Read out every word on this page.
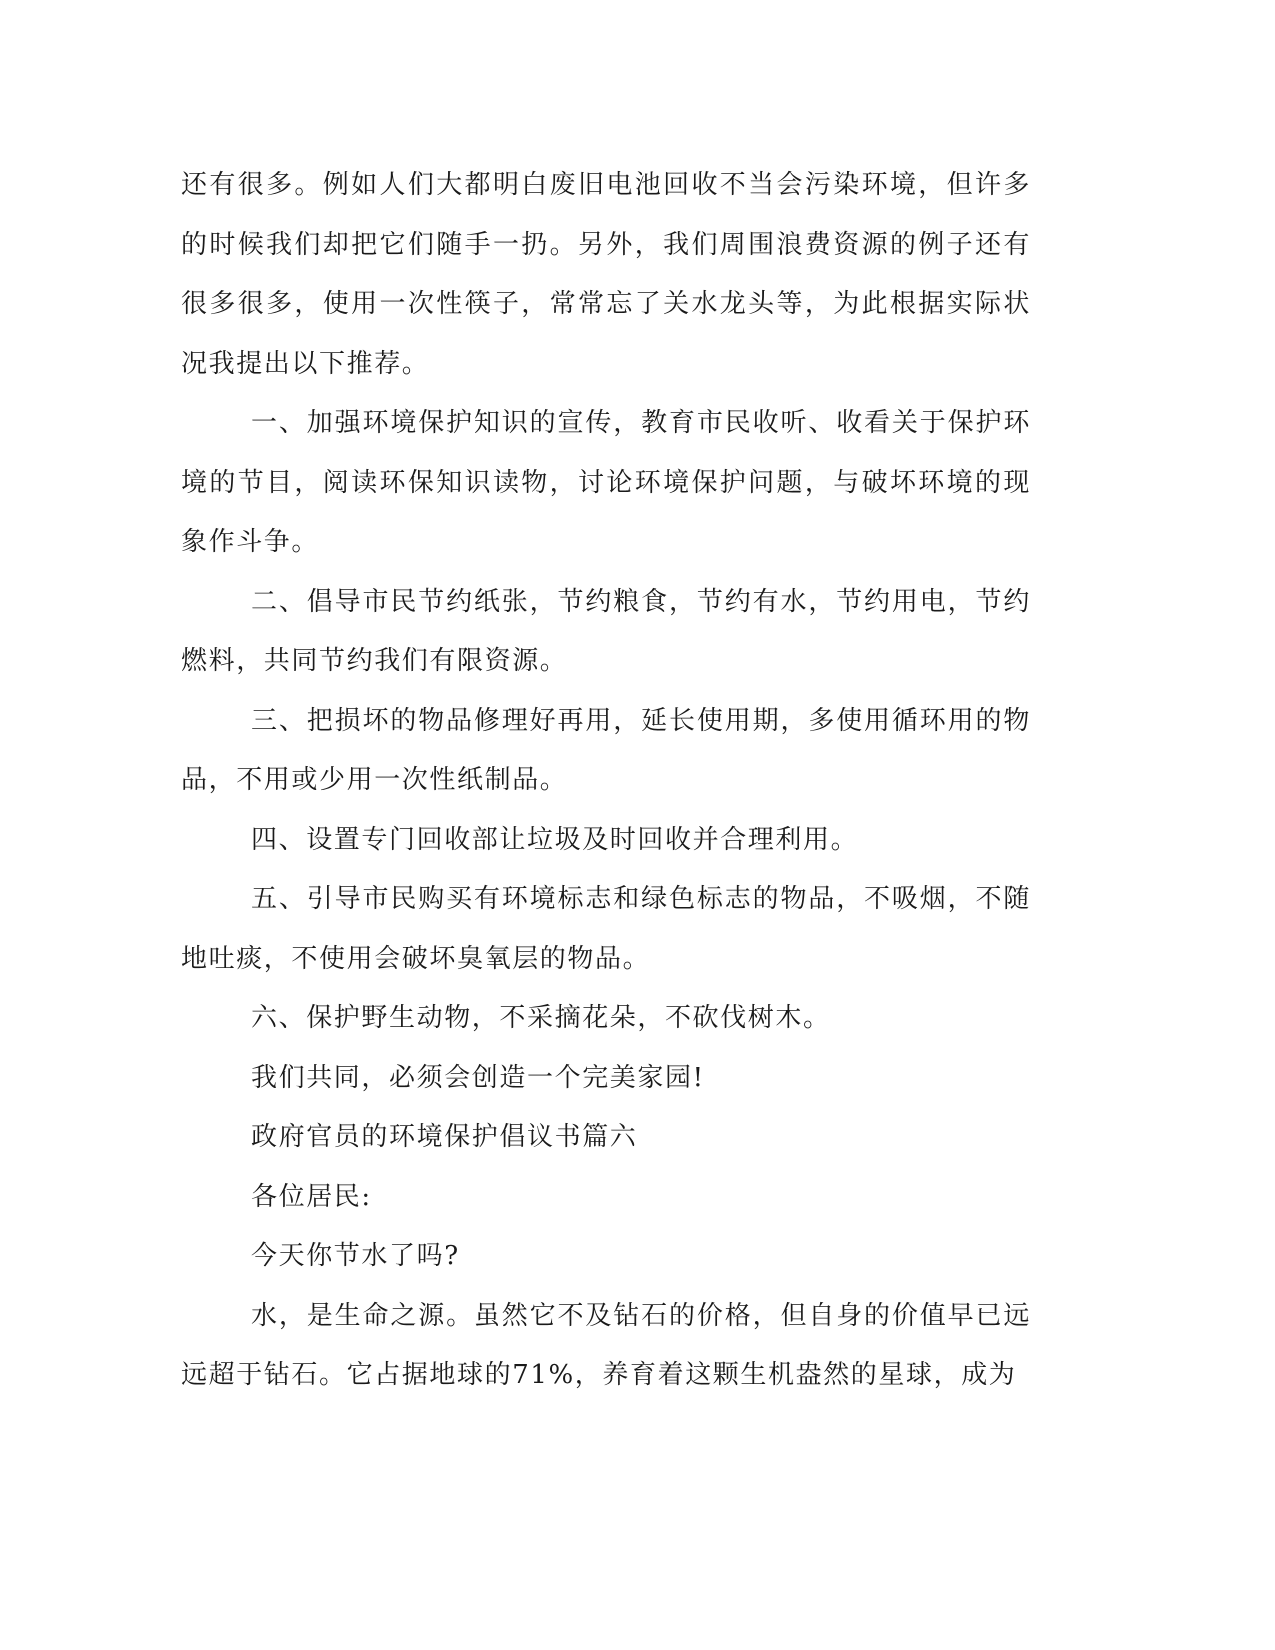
还有很多。例如人们大都明白废旧电池回收不当会污染环境，但许多的时候我们却把它们随手一扔。另外，我们周围浪费资源的例子还有很多很多，使用一次性筷子，常常忘了关水龙头等，为此根据实际状况我提出以下推荐。

一、加强环境保护知识的宣传，教育市民收听、收看关于保护环境的节目，阅读环保知识读物，讨论环境保护问题，与破坏环境的现象作斗争。

二、倡导市民节约纸张，节约粮食，节约有水，节约用电，节约燃料，共同节约我们有限资源。

三、把损坏的物品修理好再用，延长使用期，多使用循环用的物品，不用或少用一次性纸制品。

四、设置专门回收部让垃圾及时回收并合理利用。

五、引导市民购买有环境标志和绿色标志的物品，不吸烟，不随地吐痰，不使用会破坏臭氧层的物品。

六、保护野生动物，不采摘花朵，不砍伐树木。

我们共同，必须会创造一个完美家园!

政府官员的环境保护倡议书篇六

各位居民:

今天你节水了吗?

水，是生命之源。虽然它不及钻石的价格，但自身的价值早已远远超于钻石。它占据地球的71%，养育着这颗生机盎然的星球，成为
